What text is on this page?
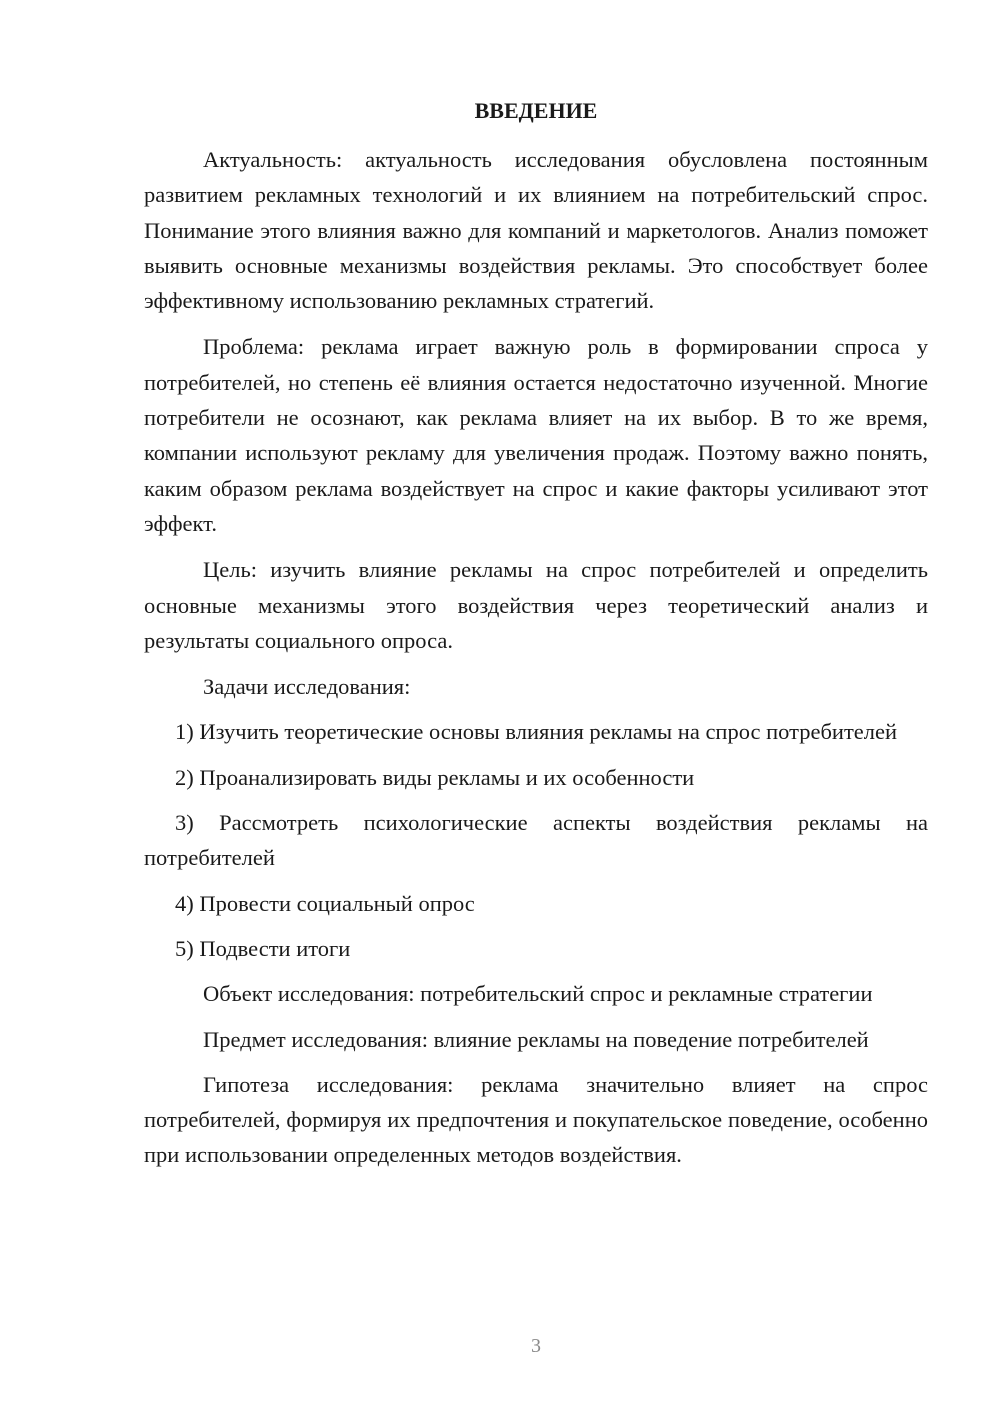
ВВЕДЕНИЕ

Актуальность: актуальность исследования обусловлена постоянным развитием рекламных технологий и их влиянием на потребительский спрос. Понимание этого влияния важно для компаний и маркетологов. Анализ поможет выявить основные механизмы воздействия рекламы. Это способствует более эффективному использованию рекламных стратегий.

Проблема: реклама играет важную роль в формировании спроса у потребителей, но степень её влияния остается недостаточно изученной. Многие потребители не осознают, как реклама влияет на их выбор. В то же время, компании используют рекламу для увеличения продаж. Поэтому важно понять, каким образом реклама воздействует на спрос и какие факторы усиливают этот эффект.

Цель: изучить влияние рекламы на спрос потребителей и определить основные механизмы этого воздействия через теоретический анализ и результаты социального опроса.

Задачи исследования:

1) Изучить теоретические основы влияния рекламы на спрос потребителей

2) Проанализировать виды рекламы и их особенности

3) Рассмотреть психологические аспекты воздействия рекламы на потребителей

4) Провести социальный опрос

5) Подвести итоги

Объект исследования: потребительский спрос и рекламные стратегии

Предмет исследования: влияние рекламы на поведение потребителей

Гипотеза исследования: реклама значительно влияет на спрос потребителей, формируя их предпочтения и покупательское поведение, особенно при использовании определенных методов воздействия.

3
